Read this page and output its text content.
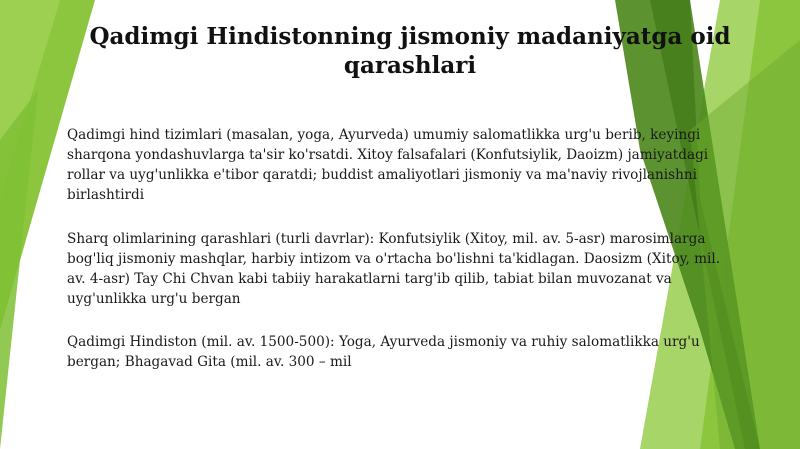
Qadimgi Hindistonning jismoniy madaniyatga oid qarashlari

Qadimgi hind tizimlari (masalan, yoga, Ayurveda) umumiy salomatlikka urg'u berib, keyingi sharqona yondashuvlarga ta'sir ko'rsatdi. Xitoy falsafalari (Konfutsiylik, Daoizm) jamiyatdagi rollar va uyg'unlikka e'tibor qaratdi; buddist amaliyotlari jismoniy va ma'naviy rivojlanishni birlashtirdi

Sharq olimlarining qarashlari (turli davrlar): Konfutsiylik (Xitoy, mil. av. 5-asr) marosimlarga bog'liq jismoniy mashqlar, harbiy intizom va o'rtacha bo'lishni ta'kidlagan. Daosizm (Xitoy, mil. av. 4-asr) Tay Chi Chvan kabi tabiiy harakatlarni targ'ib qilib, tabiat bilan muvozanat va uyg'unlikka urg'u bergan

Qadimgi Hindiston (mil. av. 1500-500): Yoga, Ayurveda jismoniy va ruhiy salomatlikka urg'u bergan; Bhagavad Gita (mil. av. 300 – mil
